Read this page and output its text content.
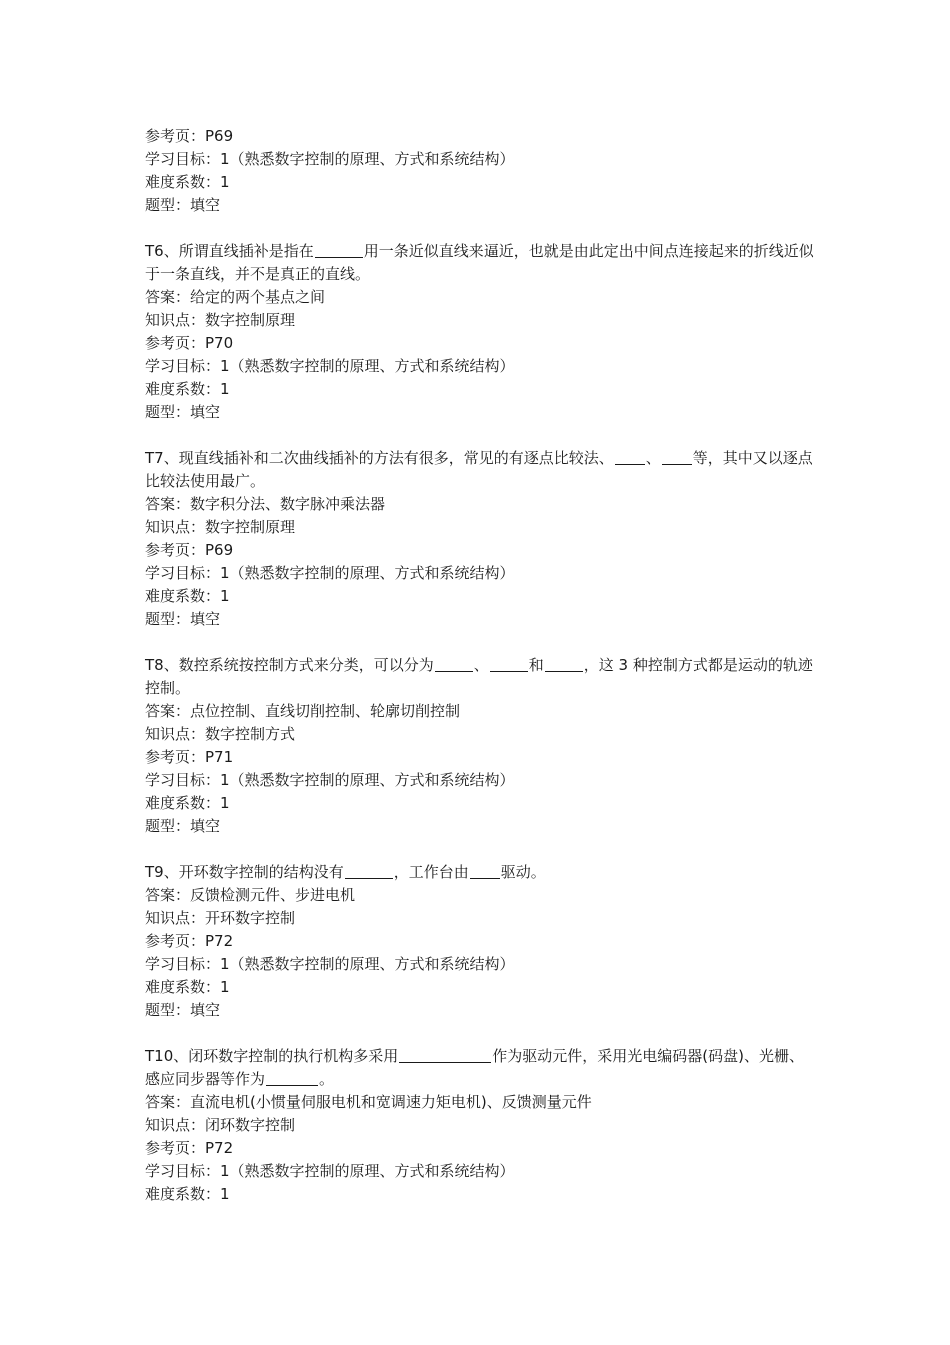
参考页：P69
学习目标：1（熟悉数字控制的原理、方式和系统结构）
难度系数：1
题型：填空
T6、所谓直线插补是指在	用一条近似直线来逼近，也就是由此定出中间点连接起来的折线近似于一条直线，并不是真正的直线。
答案：给定的两个基点之间
知识点：数字控制原理
参考页：P70
学习目标：1（熟悉数字控制的原理、方式和系统结构）
难度系数：1
题型：填空
T7、现直线插补和二次曲线插补的方法有很多，常见的有逐点比较法、 、 等，其中又以逐点比较法使用最广。
答案：数字积分法、数字脉冲乘法器
知识点：数字控制原理
参考页：P69
学习目标：1（熟悉数字控制的原理、方式和系统结构）
难度系数：1
题型：填空
T8、数控系统按控制方式来分类，可以分为	、	和	，这 3 种控制方式都是运动的轨迹控制。
答案：点位控制、直线切削控制、轮廓切削控制
知识点：数字控制方式
参考页：P71
学习目标：1（熟悉数字控制的原理、方式和系统结构）
难度系数：1
题型：填空
T9、开环数字控制的结构没有	，工作台由 驱动。
答案：反馈检测元件、步进电机
知识点：开环数字控制
参考页：P72
学习目标：1（熟悉数字控制的原理、方式和系统结构）
难度系数：1
题型：填空
T10、闭环数字控制的执行机构多采用	作为驱动元件，采用光电编码器(码盘)、光栅、感应同步器等作为	。
答案：直流电机(小惯量伺服电机和宽调速力矩电机)、反馈测量元件
知识点：闭环数字控制
参考页：P72
学习目标：1（熟悉数字控制的原理、方式和系统结构）
难度系数：1
